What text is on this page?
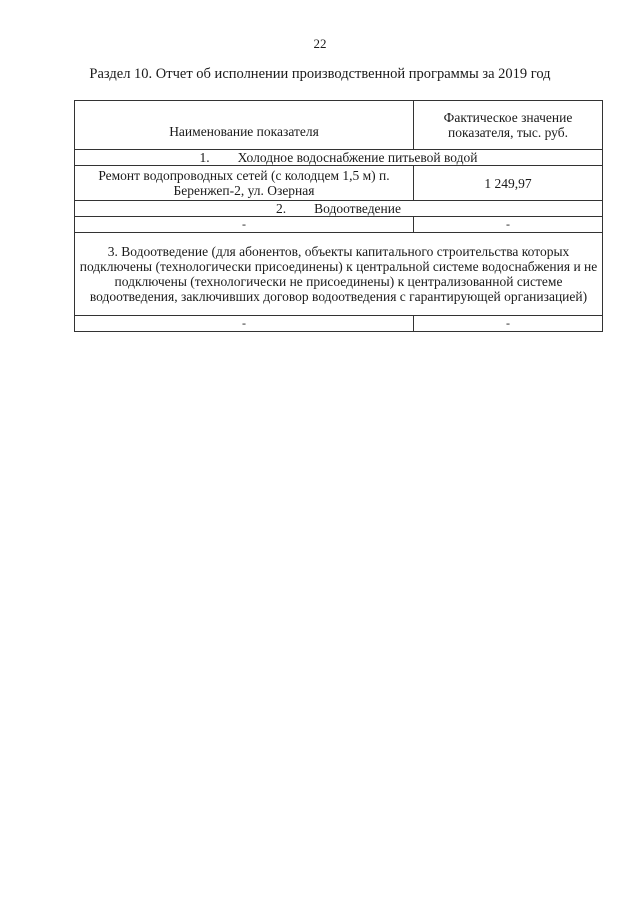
22
Раздел 10. Отчет об исполнении производственной программы за 2019 год
Наименование показателя	Фактическое значение показателя, тыс. руб.
1. Холодное водоснабжение питьевой водой	
Ремонт водопроводных сетей (с колодцем 1,5 м) п. Беренжеп-2, ул. Озерная	1 249,97
2. Водоотведение	
-	-
3. Водоотведение (для абонентов, объекты капитального строительства которых подключены (технологически присоединены) к центральной системе водоснабжения и не подключены (технологически не присоединены) к централизованной системе водоотведения, заключивших договор водоотведения с гарантирующей организацией)	
-	-
